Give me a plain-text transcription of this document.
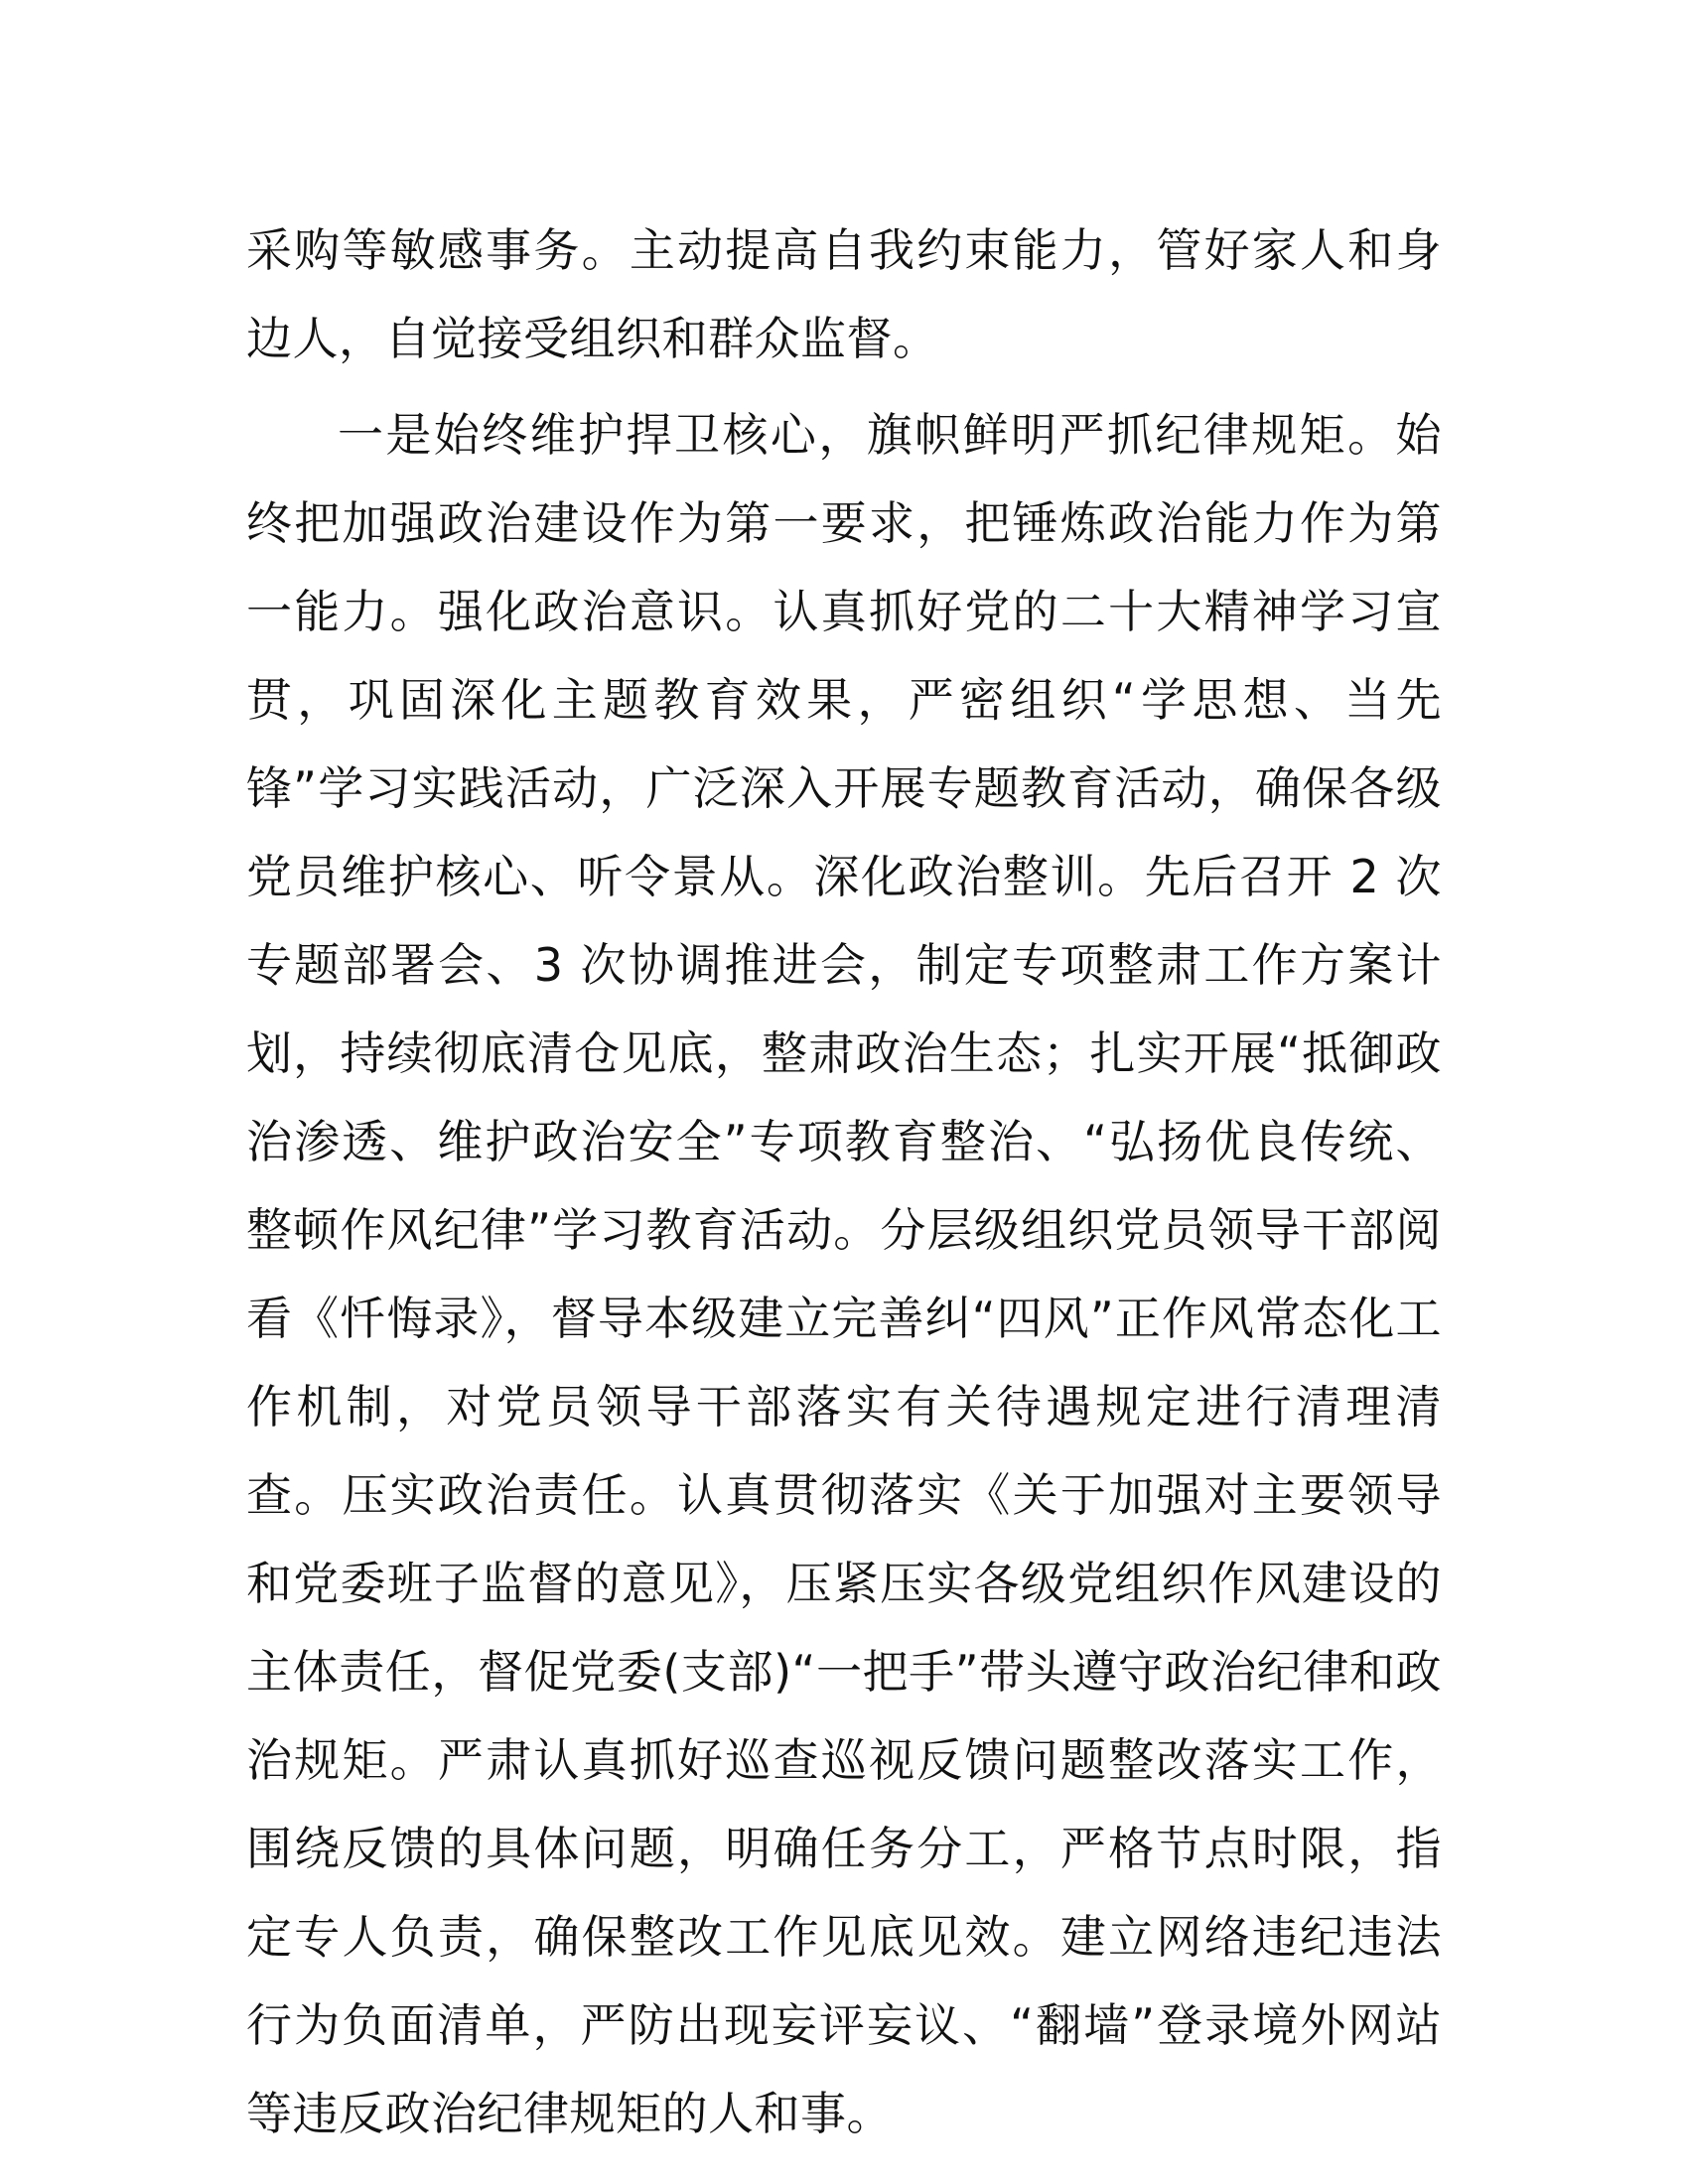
采购等敏感事务。主动提高自我约束能力，管好家人和身边人，自觉接受组织和群众监督。

一是始终维护捍卫核心，旗帜鲜明严抓纪律规矩。始终把加强政治建设作为第一要求，把锤炼政治能力作为第一能力。强化政治意识。认真抓好党的二十大精神学习宣贯，巩固深化主题教育效果，严密组织“学思想、当先锋”学习实践活动，广泛深入开展专题教育活动，确保各级党员维护核心、听令景从。深化政治整训。先后召开 2 次专题部署会、3 次协调推进会，制定专项整肃工作方案计划，持续彻底清仓见底，整肃政治生态；扎实开展“抵御政治渗透、维护政治安全”专项教育整治、“弘扬优良传统、整顿作风纪律”学习教育活动。分层级组织党员领导干部阅看《忏悔录》，督导本级建立完善纠“四风”正作风常态化工作机制，对党员领导干部落实有关待遇规定进行清理清查。压实政治责任。认真贯彻落实《关于加强对主要领导和党委班子监督的意见》，压紧压实各级党组织作风建设的主体责任，督促党委(支部)“一把手”带头遵守政治纪律和政治规矩。严肃认真抓好巡查巡视反馈问题整改落实工作，围绕反馈的具体问题，明确任务分工，严格节点时限，指定专人负责，确保整改工作见底见效。建立网络违纪违法行为负面清单，严防出现妄评妄议、“翻墙”登录境外网站等违反政治纪律规矩的人和事。
